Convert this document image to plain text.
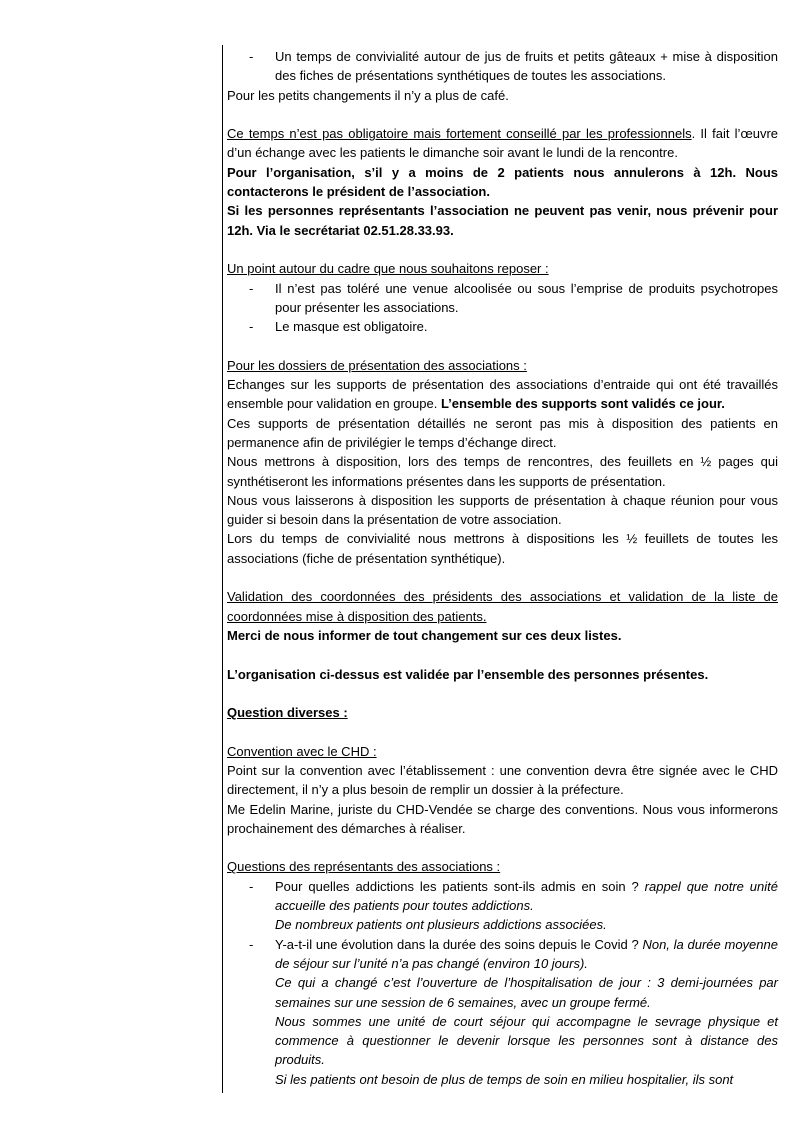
- Un temps de convivialité autour de jus de fruits et petits gâteaux + mise à disposition des fiches de présentations synthétiques de toutes les associations.

Pour les petits changements il n’y a plus de café.

Ce temps n’est pas obligatoire mais fortement conseillé par les professionnels. Il fait l’œuvre d’un échange avec les patients le dimanche soir avant le lundi de la rencontre.

Pour l’organisation, s’il y a moins de 2 patients nous annulerons à 12h. Nous contacterons le président de l’association.

Si les personnes représentants l’association ne peuvent pas venir, nous prévenir pour 12h. Via le secrétariat 02.51.28.33.93.

Un point autour du cadre que nous souhaitons reposer :

- Il n’est pas toléré une venue alcoolisée ou sous l’emprise de produits psychotropes pour présenter les associations.

- Le masque est obligatoire.

Pour les dossiers de présentation des associations :

Echanges sur les supports de présentation des associations d’entraide qui ont été travaillés ensemble pour validation en groupe. L’ensemble des supports sont validés ce jour.

Ces supports de présentation détaillés ne seront pas mis à disposition des patients en permanence afin de privilégier le temps d’échange direct.

Nous mettrons à disposition, lors des temps de rencontres, des feuillets en ½ pages qui synthétiseront les informations présentes dans les supports de présentation.

Nous vous laisserons à disposition les supports de présentation à chaque réunion pour vous guider si besoin dans la présentation de votre association.

Lors du temps de convivialité nous mettrons à dispositions les ½ feuillets de toutes les associations (fiche de présentation synthétique).

Validation des coordonnées des présidents des associations et validation de la liste de coordonnées mise à disposition des patients.

Merci de nous informer de tout changement sur ces deux listes.

L’organisation ci-dessus est validée par l’ensemble des personnes présentes.

Question diverses :

Convention avec le CHD :

Point sur la convention avec l’établissement : une convention devra être signée avec le CHD directement, il n’y a plus besoin de remplir un dossier à la préfecture.

Me Edelin Marine, juriste du CHD-Vendée se charge des conventions. Nous vous informerons prochainement des démarches à réaliser.

Questions des représentants des associations :

- Pour quelles addictions les patients sont-ils admis en soin ? rappel que notre unité accueille des patients pour toutes addictions.

De nombreux patients ont plusieurs addictions associées.

- Y-a-t-il une évolution dans la durée des soins depuis le Covid ? Non, la durée moyenne de séjour sur l’unité n’a pas changé (environ 10 jours).

Ce qui a changé c’est l’ouverture de l’hospitalisation de jour : 3 demi-journées par semaines sur une session de 6 semaines, avec un groupe fermé.

Nous sommes une unité de court séjour qui accompagne le sevrage physique et commence à questionner le devenir lorsque les personnes sont à distance des produits.

Si les patients ont besoin de plus de temps de soin en milieu hospitalier, ils sont
